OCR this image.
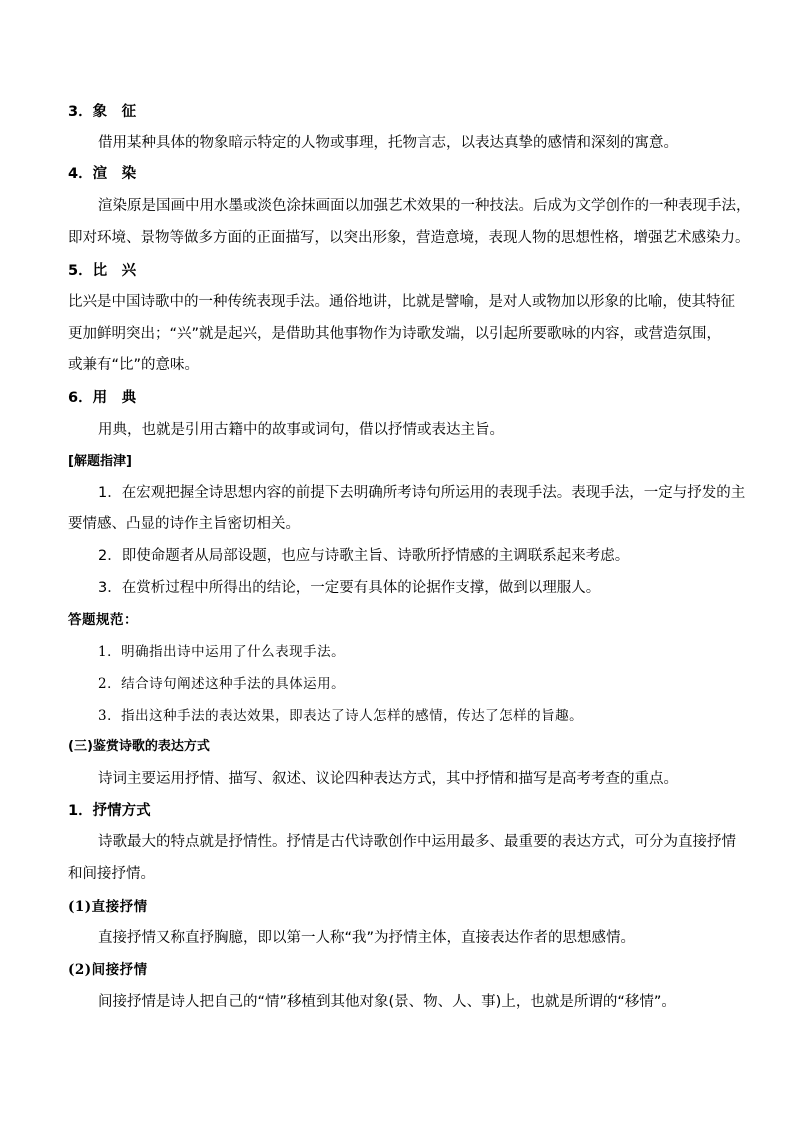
3．象　征
借用某种具体的物象暗示特定的人物或事理，托物言志，以表达真挚的感情和深刻的寓意。
4．渲　染
渲染原是国画中用水墨或淡色涂抹画面以加强艺术效果的一种技法。后成为文学创作的一种表现手法，
即对环境、景物等做多方面的正面描写，以突出形象，营造意境，表现人物的思想性格，增强艺术感染力。
5．比　兴
比兴是中国诗歌中的一种传统表现手法。通俗地讲，比就是譬喻，是对人或物加以形象的比喻，使其特征
更加鲜明突出；“兴”就是起兴，是借助其他事物作为诗歌发端，以引起所要歌咏的内容，或营造氛围，
或兼有“比”的意味。
6．用　典
用典，也就是引用古籍中的故事或词句，借以抒情或表达主旨。
[解题指津]
1．在宏观把握全诗思想内容的前提下去明确所考诗句所运用的表现手法。表现手法，一定与抒发的主
要情感、凸显的诗作主旨密切相关。
2．即使命题者从局部设题，也应与诗歌主旨、诗歌所抒情感的主调联系起来考虑。
3．在赏析过程中所得出的结论，一定要有具体的论据作支撑，做到以理服人。
答题规范：
1．明确指出诗中运用了什么表现手法。
2．结合诗句阐述这种手法的具体运用。
3．指出这种手法的表达效果，即表达了诗人怎样的感情，传达了怎样的旨趣。
(三)鉴赏诗歌的表达方式
诗词主要运用抒情、描写、叙述、议论四种表达方式，其中抒情和描写是高考考查的重点。
1．抒情方式
诗歌最大的特点就是抒情性。抒情是古代诗歌创作中运用最多、最重要的表达方式，可分为直接抒情
和间接抒情。
(1)直接抒情
直接抒情又称直抒胸臆，即以第一人称“我”为抒情主体，直接表达作者的思想感情。
(2)间接抒情
间接抒情是诗人把自己的“情”移植到其他对象(景、物、人、事)上，也就是所谓的“移情”。
